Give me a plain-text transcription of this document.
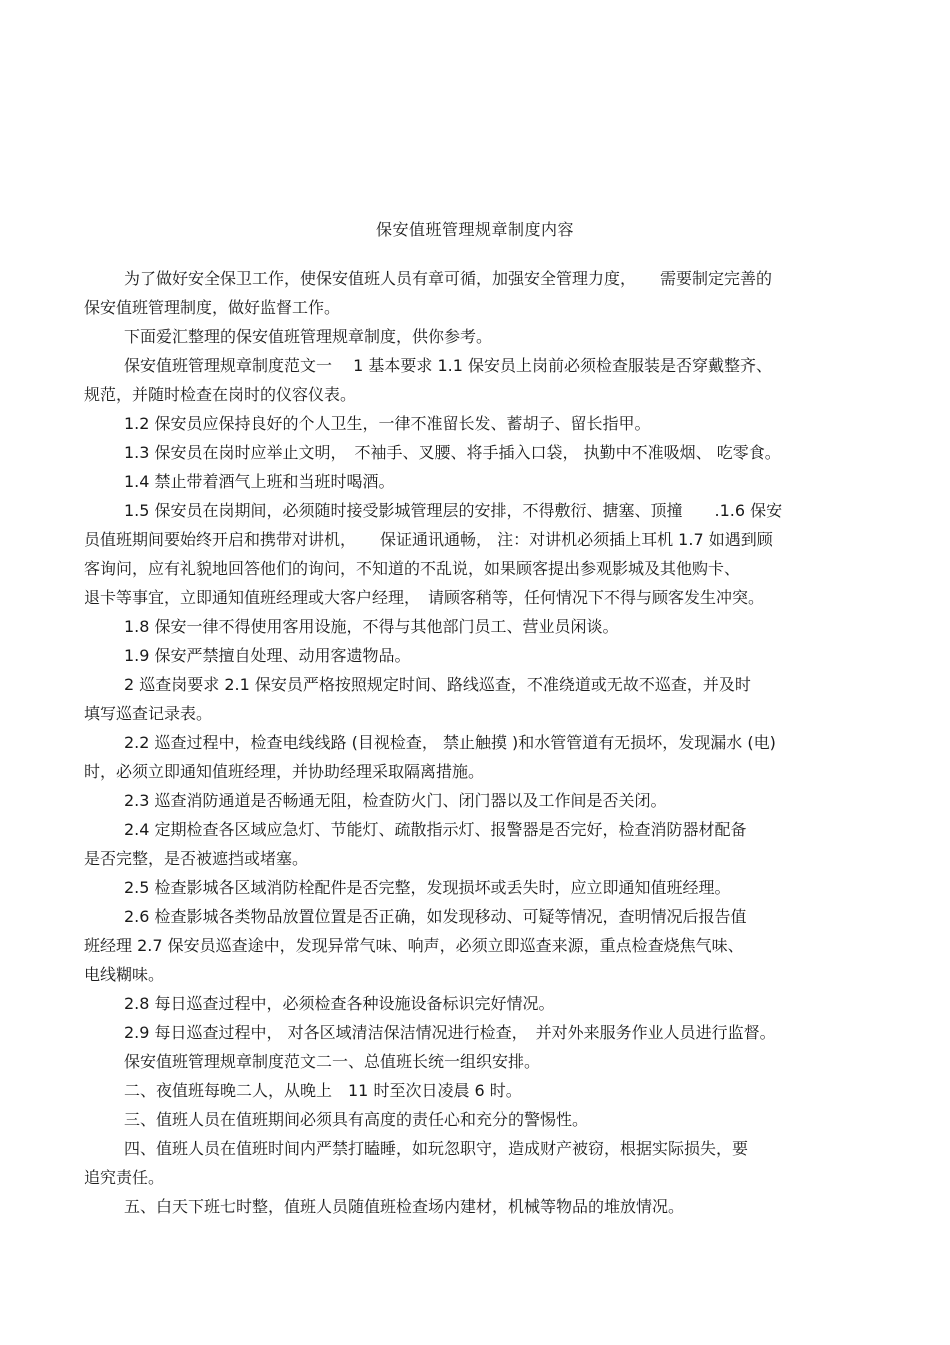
保安值班管理规章制度内容

为了做好安全保卫工作，使保安值班人员有章可循，加强安全管理力度，　　需要制定完善的

保安值班管理制度，做好监督工作。

下面爱汇整理的保安值班管理规章制度，供你参考。

保安值班管理规章制度范文一　 1 基本要求 1.1 保安员上岗前必须检查服装是否穿戴整齐、

规范，并随时检查在岗时的仪容仪表。

1.2 保安员应保持良好的个人卫生，一律不准留长发、蓄胡子、留长指甲。

1.3 保安员在岗时应举止文明，　不袖手、叉腰、将手插入口袋， 执勤中不准吸烟、 吃零食。

1.4 禁止带着酒气上班和当班时喝酒。

1.5 保安员在岗期间，必须随时接受影城管理层的安排，不得敷衍、搪塞、顶撞　　.1.6 保安

员值班期间要始终开启和携带对讲机，　　保证通讯通畅， 注：对讲机必须插上耳机 1.7 如遇到顾

客询问，应有礼貌地回答他们的询问，不知道的不乱说，如果顾客提出参观影城及其他购卡、

退卡等事宜，立即通知值班经理或大客户经理，　请顾客稍等，任何情况下不得与顾客发生冲突。

1.8 保安一律不得使用客用设施，不得与其他部门员工、营业员闲谈。

1.9 保安严禁擅自处理、动用客遗物品。

2 巡查岗要求 2.1 保安员严格按照规定时间、路线巡查，不准绕道或无故不巡查，并及时

填写巡查记录表。

2.2 巡查过程中，检查电线线路 (目视检查， 禁止触摸 )和水管管道有无损坏，发现漏水 (电)

时，必须立即通知值班经理，并协助经理采取隔离措施。

2.3 巡查消防通道是否畅通无阻，检查防火门、闭门器以及工作间是否关闭。

2.4 定期检查各区域应急灯、节能灯、疏散指示灯、报警器是否完好，检查消防器材配备

是否完整，是否被遮挡或堵塞。

2.5 检查影城各区域消防栓配件是否完整，发现损坏或丢失时，应立即通知值班经理。

2.6 检查影城各类物品放置位置是否正确，如发现移动、可疑等情况，查明情况后报告值

班经理 2.7 保安员巡查途中，发现异常气味、响声，必须立即巡查来源，重点检查烧焦气味、

电线糊味。

2.8 每日巡查过程中，必须检查各种设施设备标识完好情况。

2.9 每日巡查过程中， 对各区域清洁保洁情况进行检查，　并对外来服务作业人员进行监督。

保安值班管理规章制度范文二一、总值班长统一组织安排。

二、夜值班每晚二人，从晚上　11 时至次日凌晨 6 时。

三、值班人员在值班期间必须具有高度的责任心和充分的警惕性。

四、值班人员在值班时间内严禁打瞌睡，如玩忽职守，造成财产被窃，根据实际损失，要

追究责任。

五、白天下班七时整，值班人员随值班检查场内建材，机械等物品的堆放情况。
